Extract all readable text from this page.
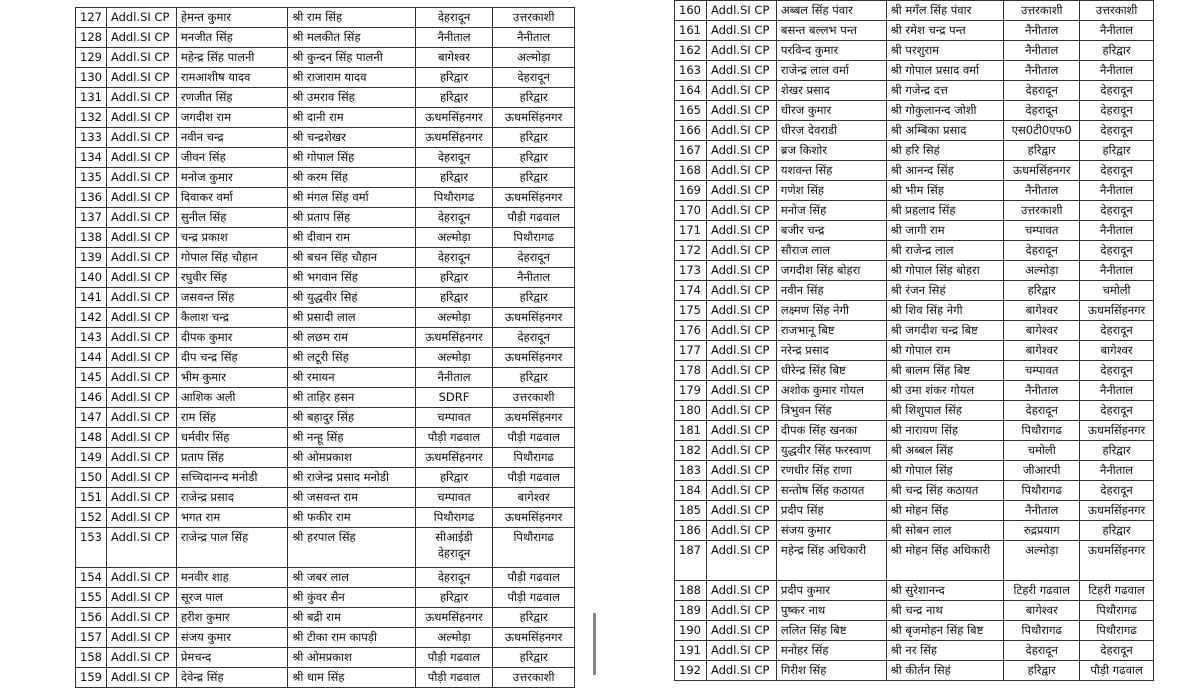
127	Addl.SI CP	हेमन्त कुमार	श्री राम सिंह	देहरादून	उत्तरकाशी
128	Addl.SI CP	मनजीत सिंह	श्री मलकीत सिंह	नैनीताल	नैनीताल
129	Addl.SI CP	महेन्द्र सिंह पालनी	श्री कुन्दन सिंह पालनी	बागेश्वर	अल्मोड़ा
130	Addl.SI CP	रामआशीष यादव	श्री राजाराम यादव	हरिद्वार	देहरादून
131	Addl.SI CP	रणजीत सिंह	श्री उमराव सिंह	हरिद्वार	हरिद्वार
132	Addl.SI CP	जगदीश राम	श्री दानी राम	ऊधमसिंहनगर	ऊधमसिंहनगर
133	Addl.SI CP	नवीन चन्द्र	श्री चन्द्रशेखर	ऊधमसिंहनगर	हरिद्वार
134	Addl.SI CP	जीवन सिंह	श्री गोपाल सिंह	देहरादून	हरिद्वार
135	Addl.SI CP	मनोज कुमार	श्री करम सिंह	हरिद्वार	हरिद्वार
136	Addl.SI CP	दिवाकर वर्मा	श्री मंगल सिंह वर्मा	पिथौरागढ	ऊधमसिंहनगर
137	Addl.SI CP	सुनील सिंह	श्री प्रताप सिंह	देहरादून	पौड़ी गढवाल
138	Addl.SI CP	चन्द्र प्रकाश	श्री दीवान राम	अल्मोड़ा	पिथौरागढ
139	Addl.SI CP	गोपाल सिंह चौहान	श्री बचन सिंह चौहान	देहरादून	देहरादून
140	Addl.SI CP	रघुवीर सिंह	श्री भगवान सिंह	हरिद्वार	नैनीताल
141	Addl.SI CP	जसवन्त सिंह	श्री युद्धवीर सिहं	हरिद्वार	हरिद्वार
142	Addl.SI CP	कैलाश चन्द्र	श्री प्रसादी लाल	अल्मोड़ा	ऊधमसिंहनगर
143	Addl.SI CP	दीपक कुमार	श्री लछम राम	ऊधमसिंहनगर	देहरादून
144	Addl.SI CP	दीप चन्द्र सिंह	श्री लटूरी सिंह	अल्मोड़ा	ऊधमसिंहनगर
145	Addl.SI CP	भीम कुमार	श्री रमायन	नैनीताल	हरिद्वार
146	Addl.SI CP	आशिक अली	श्री ताहिर हसन	SDRF	उत्तरकाशी
147	Addl.SI CP	राम सिंह	श्री बहादुर सिंह	चम्पावत	ऊधमसिंहनगर
148	Addl.SI CP	धर्मवीर सिंह	श्री नन्हू सिंह	पौड़ी गढवाल	पौड़ी गढवाल
149	Addl.SI CP	प्रताप सिंह	श्री ओमप्रकाश	ऊधमसिंहनगर	पिथौरागढ
150	Addl.SI CP	सच्चिदानन्द मनोडी	श्री राजेन्द्र प्रसाद मनोडी	हरिद्वार	पौड़ी गढवाल
151	Addl.SI CP	राजेन्द्र प्रसाद	श्री जसवन्त राम	चम्पावत	बागेश्वर
152	Addl.SI CP	भगत राम	श्री फकीर राम	पिथौरागढ	ऊधमसिंहनगर
153	Addl.SI CP	राजेन्द्र पाल सिंह	श्री हरपाल सिंह	सीआईडी देहरादून	पिथौरागढ
154	Addl.SI CP	मनवीर शाह	श्री जबर लाल	देहरादून	पौड़ी गढवाल
155	Addl.SI CP	सूरज पाल	श्री कुंवर सैन	हरिद्वार	पौड़ी गढवाल
156	Addl.SI CP	हरीश कुमार	श्री बद्री राम	ऊधमसिंहनगर	हरिद्वार
157	Addl.SI CP	संजय कुमार	श्री टीका राम कापड़ी	अल्मोड़ा	ऊधमसिंहनगर
158	Addl.SI CP	प्रेमचन्द	श्री ओमप्रकाश	पौड़ी गढवाल	हरिद्वार
159	Addl.SI CP	देवेन्द्र सिंह	श्री धाम सिंह	पौड़ी गढवाल	उत्तरकाशी
160	Addl.SI CP	अब्बल सिंह पंवार	श्री मगँल सिंह पंवार	उत्तरकाशी	उत्तरकाशी
161	Addl.SI CP	बसन्त बल्लभ पन्त	श्री रमेश चन्द्र पन्त	नैनीताल	नैनीताल
162	Addl.SI CP	परविन्द कुमार	श्री परशुराम	नैनीताल	हरिद्वार
163	Addl.SI CP	राजेन्द्र लाल वर्मा	श्री गोपाल प्रसाद वर्मा	नैनीताल	नैनीताल
164	Addl.SI CP	शेखर प्रसाद	श्री गजेन्द्र दत्त	देहरादून	देहरादून
165	Addl.SI CP	धीरज कुमार	श्री गोकुलानन्द जोशी	देहरादून	देहरादून
166	Addl.SI CP	धीरज देवराडी	श्री अम्बिका प्रसाद	एस0टी0एफ0	देहरादून
167	Addl.SI CP	ब्रज किशोर	श्री हरि सिहं	हरिद्वार	हरिद्वार
168	Addl.SI CP	यशवन्त सिंह	श्री आनन्द सिंह	ऊधमसिंहनगर	देहरादून
169	Addl.SI CP	गणेश सिंह	श्री भीम सिंह	नैनीताल	नैनीताल
170	Addl.SI CP	मनोज सिंह	श्री प्रहलाद सिंह	उत्तरकाशी	देहरादून
171	Addl.SI CP	बजीर चन्द्र	श्री जागी राम	चम्पावत	नैनीताल
172	Addl.SI CP	सौराज लाल	श्री राजेन्द्र लाल	देहरादून	देहरादून
173	Addl.SI CP	जगदीश सिंह बोहरा	श्री गोपाल सिंह बोहरा	अल्मोड़ा	नैनीताल
174	Addl.SI CP	नवीन सिंह	श्री रंजन सिहं	हरिद्वार	चमोली
175	Addl.SI CP	लक्ष्मण सिंह नेगी	श्री शिव सिंह नेगी	बागेश्वर	ऊधमसिंहनगर
176	Addl.SI CP	राजभानू बिष्ट	श्री जगदीश चन्द्र बिष्ट	बागेश्वर	देहरादून
177	Addl.SI CP	नरेन्द्र प्रसाद	श्री गोपाल राम	बागेश्वर	बागेश्वर
178	Addl.SI CP	धीरेन्द्र सिंह बिष्ट	श्री बालम सिंह बिष्ट	चम्पावत	देहरादून
179	Addl.SI CP	अशोक कुमार गोयल	श्री उमा शंकर गोयल	नैनीताल	नैनीताल
180	Addl.SI CP	त्रिभुवन सिंह	श्री शिशुपाल सिंह	देहरादून	देहरादून
181	Addl.SI CP	दीपक सिंह खनका	श्री नारायण सिंह	पिथौरागढ	ऊधमसिंहनगर
182	Addl.SI CP	युद्धवीर सिंह फरस्वाण	श्री अब्बल सिंह	चमोली	हरिद्वार
183	Addl.SI CP	रणधीर सिंह राणा	श्री गोपाल सिंह	जीआरपी	नैनीताल
184	Addl.SI CP	सन्तोष सिंह कठायत	श्री चन्द्र सिंह कठायत	पिथौरागढ	देहरादून
185	Addl.SI CP	प्रदीप सिंह	श्री मोहन सिंह	नैनीताल	ऊधमसिंहनगर
186	Addl.SI CP	संजय कुमार	श्री सोबन लाल	रुद्रप्रयाग	हरिद्वार
187	Addl.SI CP	महेन्द्र सिंह अधिकारी	श्री मोहन सिंह अधिकारी	अल्मोड़ा	ऊधमसिंहनगर
188	Addl.SI CP	प्रदीप कुमार	श्री सुरेशानन्द	टिहरी गढवाल	टिहरी गढवाल
189	Addl.SI CP	पुष्कर नाथ	श्री चन्द्र नाथ	बागेश्वर	पिथौरागढ
190	Addl.SI CP	ललित सिंह बिष्ट	श्री बृजमोहन सिंह बिष्ट	पिथौरागढ	पिथौरागढ
191	Addl.SI CP	मनोहर सिंह	श्री नर सिंह	देहरादून	देहरादून
192	Addl.SI CP	गिरीश सिंह	श्री कीर्तन सिहं	हरिद्वार	पौड़ी गढवाल
